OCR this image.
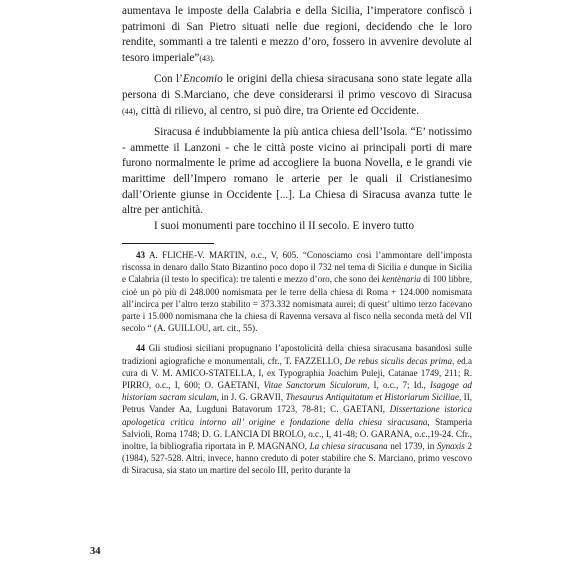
aumentava le imposte della Calabria e della Sicilia, l’imperatore confiscò i patrimoni di San Pietro situati nelle due regioni, decidendo che le loro rendite, sommanti a tre talenti e mezzo d’oro, fossero in avvenire devolute al tesoro imperiale”(43).

Con l’Encomio le origini della chiesa siracusana sono state legate alla persona di S.Marciano, che deve considerarsi il primo vescovo di Siracusa (44), città di rilievo, al centro, si può dire, tra Oriente ed Occidente.

Siracusa é indubbiamente la più antica chiesa dell’Isola. “E’ notissimo - ammette il Lanzoni - che le città poste vicino ai principali porti di mare furono normalmente le prime ad accogliere la buona Novella, e le grandi vie marittime dell’Impero romano le arterie per le quali il Cristianesimo dall’Oriente giunse in Occidente [...]. La Chiesa di Siracusa avanza tutte le altre per antichità.

I suoi monumenti pare tocchino il II secolo. E invero tutto

43 A. FLICHE-V. MARTIN, o.c., V, 605. “Conosciamo così l’ammontare dell’imposta riscossa in denaro dallo Stato Bizantino poco dopo il 732 nel tema di Sicilia e dunque in Sicilia e Calabria (il testo lo specifica): tre talenti e mezzo d’oro, che sono dei kentènaria di 100 libbre, cioè un pò più di 248.000 nomismata per le terre della chiesa di Roma + 124.000 nomismata all’incirca per l’altro terzo stabilito = 373.332 nomismata aurei; di quest’ ultimo terzo facevano parte i 15.000 nomismana che la chiesa di Ravenna versava al fisco nella seconda metà del VII secolo “ (A. GUILLOU, art. cit., 55).

44 Gli studiosi siciliani propugnano l’apostolicità della chiesa siracusana basandosi sulle tradizioni agiografiche e monumentali, cfr., T. FAZZELLO, De rebus siculis decas prima, ed.a cura di V. M. AMICO-STATELLA, I, ex Typographia Joachim Puleji, Catanae 1749, 211; R. PIRRO, o.c., I, 600; O. GAETANI, Vitae Sanctorum Siculorum, I, o.c., 7; Id., Isagoge ad historiam sacram siculam, in J. G. GRAVII, Thesaurus Antiquitatum et Historiarum Siciliae, II, Petrus Vander Aa, Lugduni Batavorum 1723, 78-81; C. GAETANI, Dissertazione istorica apologetica critica intorno all’ origine e fondazione della chiesa siracusana, Stamperia Salvioli, Roma 1748; D. G. LANCIA DI BROLO, o.c., I, 41-48; O. GARANA, o.c.,19-24. Cfr., inoltre, la bibliografia riportata in P. MAGNANO, La chiesa siracusana nel 1739, in Synaxis 2 (1984), 527-528. Altri, invece, hanno creduto di poter stabilire che S. Marciano, primo vescovo di Siracusa, sia stato un martire del secolo III, perito durante la

34
